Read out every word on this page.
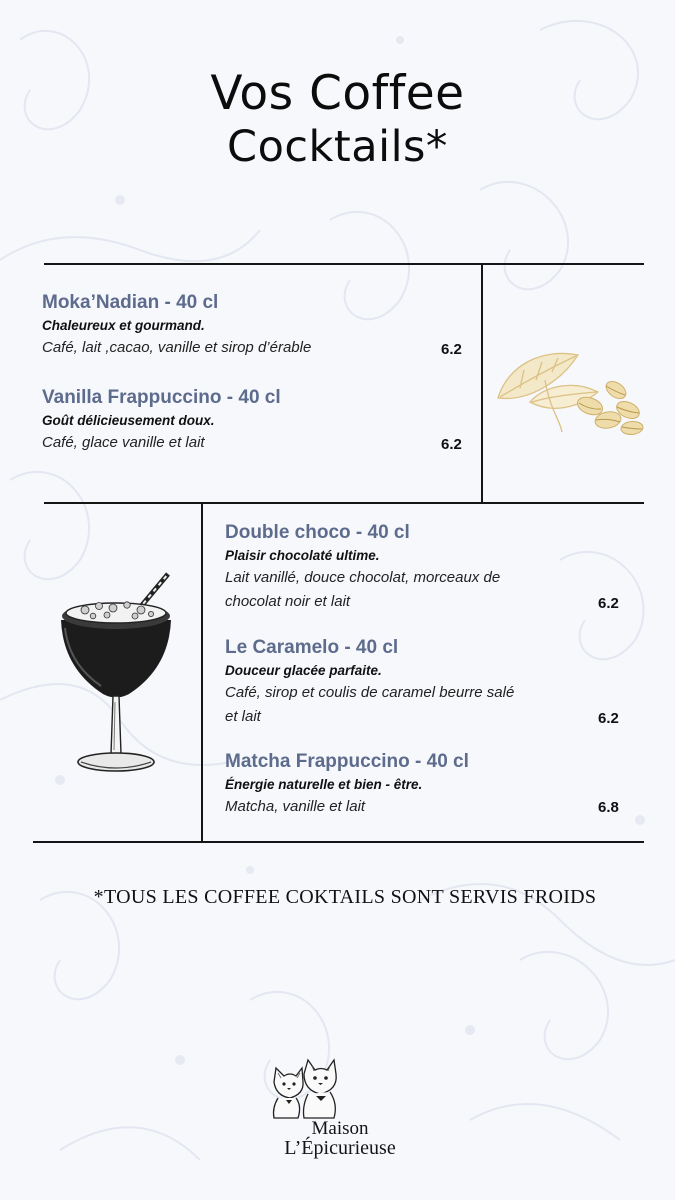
Vos Coffee
Cocktails*
Moka’Nadian - 40 cl
Chaleureux et gourmand.
Café, lait ,cacao, vanille et sirop d’érable	6.2
Vanilla Frappuccino - 40 cl
Goût délicieusement doux.
Café, glace vanille et lait	6.2
Double choco - 40 cl
Plaisir chocolaté ultime.
Lait vanillé, douce chocolat, morceaux de
chocolat noir et lait	6.2
Le Caramelo - 40 cl
Douceur glacée parfaite.
Café, sirop et coulis de caramel beurre salé
et lait	6.2
Matcha Frappuccino - 40 cl
Énergie naturelle et bien - être.
Matcha, vanille et lait	6.8
*TOUS LES COFFEE COKTAILS SONT SERVIS FROIDS
Maison
L’Épicurieuse
